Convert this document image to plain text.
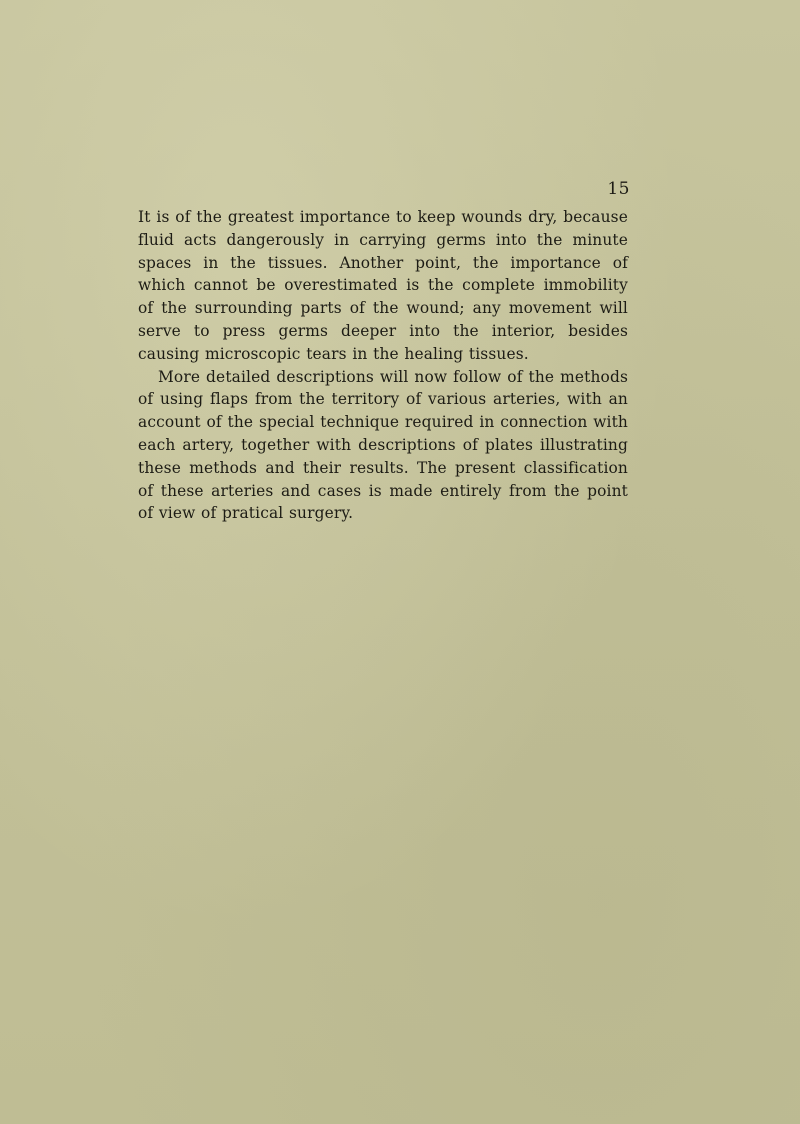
15

It is of the greatest importance to keep wounds dry, because fluid acts dangerously in carrying germs into the minute spaces in the tissues. Another point, the importance of which cannot be overestimated is the complete immobility of the surrounding parts of the wound; any movement will serve to press germs deeper into the interior, besides causing microscopic tears in the healing tissues.

More detailed descriptions will now follow of the methods of using flaps from the territory of various arteries, with an account of the special technique required in connection with each artery, together with descriptions of plates illustrating these methods and their results. The present classification of these arteries and cases is made entirely from the point of view of pratical surgery.
